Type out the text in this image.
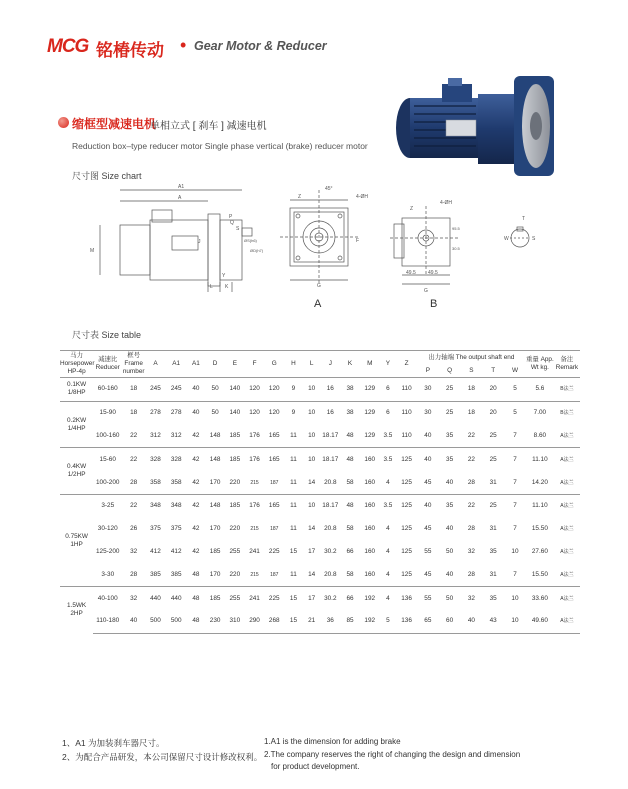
MCG 铭椿传动 • Gear Motor & Reducer
缩框型减速电机
单相立式 [ 刹车 ] 减速电机
Reduction box–type reducer motor Single phase vertical (brake) reducer motor
尺寸图 Size chart
A1
A
P
Q
S
J
Y
L K
M
ØS(h6)
ØD(h7)
Z
45°
4-ØH
G
F
Z
4-ØH
49.5 49.5
G
95.5
30.5
T
W	S
A	B
尺寸表 Size table
马力 Horsepower HP-4p	减速比 Reducer	框号 Frame number	A	A1	A1	D	E	F	G	H	L	J	K	M	Y	Z	出力轴端 The output shaft end					重量 App. Wt kg.	备注 Remark
																	P	Q	S	T	W		
0.1KW 1/8HP	60-160	18	245	245	40	50	140	120	120	9	10	16	38	129	6	110	30	25	18	20	5	5.6	B法兰
0.2KW 1/4HP	15-90	18	278	278	40	50	140	120	120	9	10	16	38	129	6	110	30	25	18	20	5	7.00	B法兰
	100-160	22	312	312	42	148	185	176	165	11	10	18.17	48	129	3.5	110	40	35	22	25	7	8.60	A法兰
0.4KW 1/2HP	15-60	22	328	328	42	148	185	176	165	11	10	18.17	48	160	3.5	125	40	35	22	25	7	11.10	A法兰
	100-200	28	358	358	42	170	220	215	187	11	14	20.8	58	160	4	125	45	40	28	31	7	14.20	A法兰
0.75KW 1HP	3-25	22	348	348	42	148	185	176	165	11	10	18.17	48	160	3.5	125	40	35	22	25	7	11.10	A法兰
	30-120	26	375	375	42	170	220	215	187	11	14	20.8	58	160	4	125	45	40	28	31	7	15.50	A法兰
	125-200	32	412	412	42	185	255	241	225	15	17	30.2	66	160	4	125	55	50	32	35	10	27.60	A法兰
	3-30	28	385	385	48	170	220	215	187	11	14	20.8	58	160	4	125	45	40	28	31	7	15.50	A法兰
1.5WK 2HP	40-100	32	440	440	48	185	255	241	225	15	17	30.2	66	192	4	136	55	50	32	35	10	33.60	A法兰
	110-180	40	500	500	48	230	310	290	268	15	21	36	85	192	5	136	65	60	40	43	10	49.60	A法兰
1、A1 为加装刹车器尺寸。
2、为配合产品研发，本公司保留尺寸设计修改权利。
1.A1 is the dimension for adding brake
2.The company reserves the right of changing the design and dimension
for product development.
